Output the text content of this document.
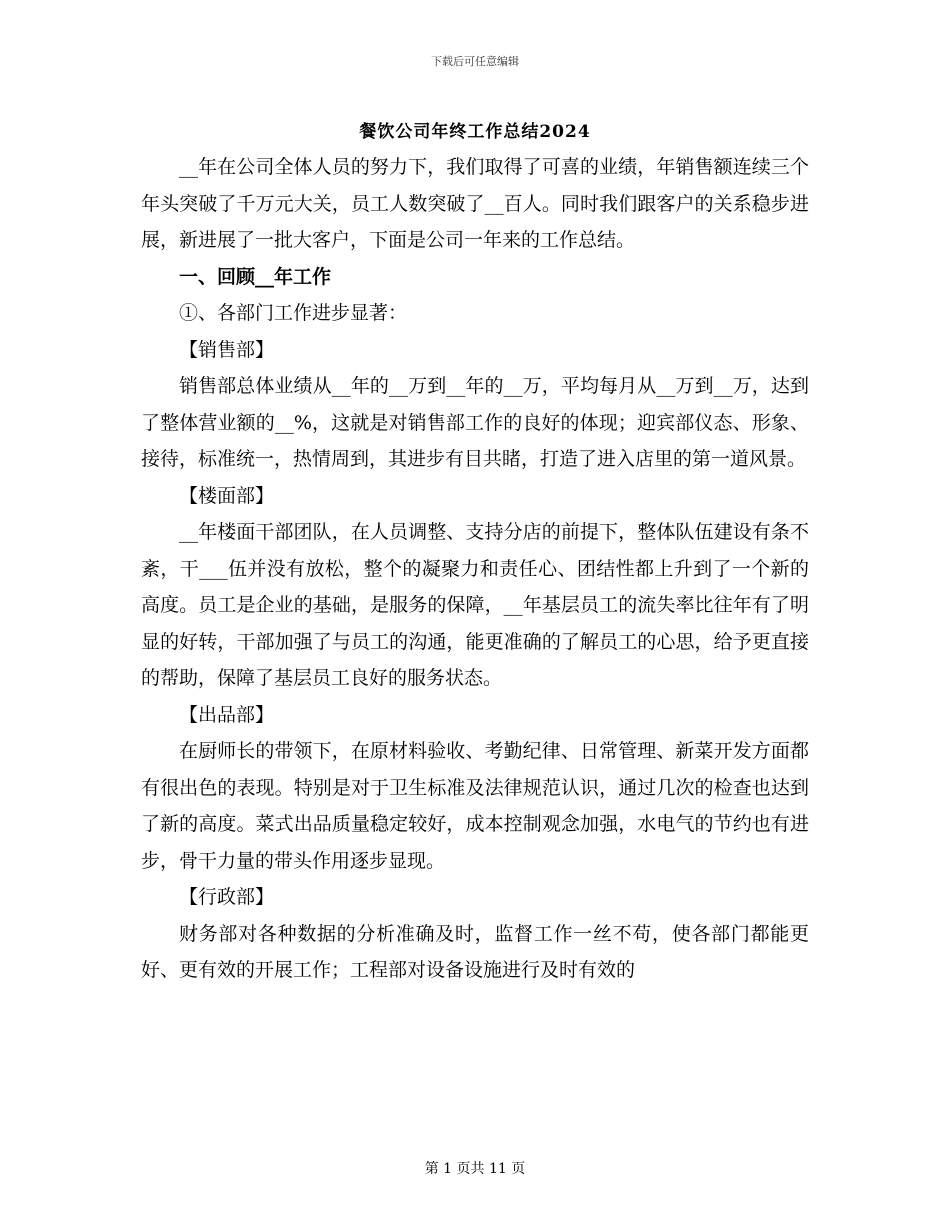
下载后可任意编辑
餐饮公司年终工作总结2024

__年在公司全体人员的努力下，我们取得了可喜的业绩，年销售额连续三个年头突破了千万元大关，员工人数突破了__百人。同时我们跟客户的关系稳步进展，新进展了一批大客户，下面是公司一年来的工作总结。

一、回顾__年工作

①、各部门工作进步显著：

【销售部】

销售部总体业绩从__年的__万到__年的__万，平均每月从__万到__万，达到了整体营业额的__%，这就是对销售部工作的良好的体现；迎宾部仪态、形象、接待，标准统一，热情周到，其进步有目共睹，打造了进入店里的第一道风景。

【楼面部】

__年楼面干部团队，在人员调整、支持分店的前提下，整体队伍建设有条不紊，干___伍并没有放松，整个的凝聚力和责任心、团结性都上升到了一个新的高度。员工是企业的基础，是服务的保障，__年基层员工的流失率比往年有了明显的好转，干部加强了与员工的沟通，能更准确的了解员工的心思，给予更直接的帮助，保障了基层员工良好的服务状态。

【出品部】

在厨师长的带领下，在原材料验收、考勤纪律、日常管理、新菜开发方面都有很出色的表现。特别是对于卫生标准及法律规范认识，通过几次的检查也达到了新的高度。菜式出品质量稳定较好，成本控制观念加强，水电气的节约也有进步，骨干力量的带头作用逐步显现。

【行政部】

财务部对各种数据的分析准确及时，监督工作一丝不苟，使各部门都能更好、更有效的开展工作；工程部对设备设施进行及时有效的

第 1 页共 11 页
